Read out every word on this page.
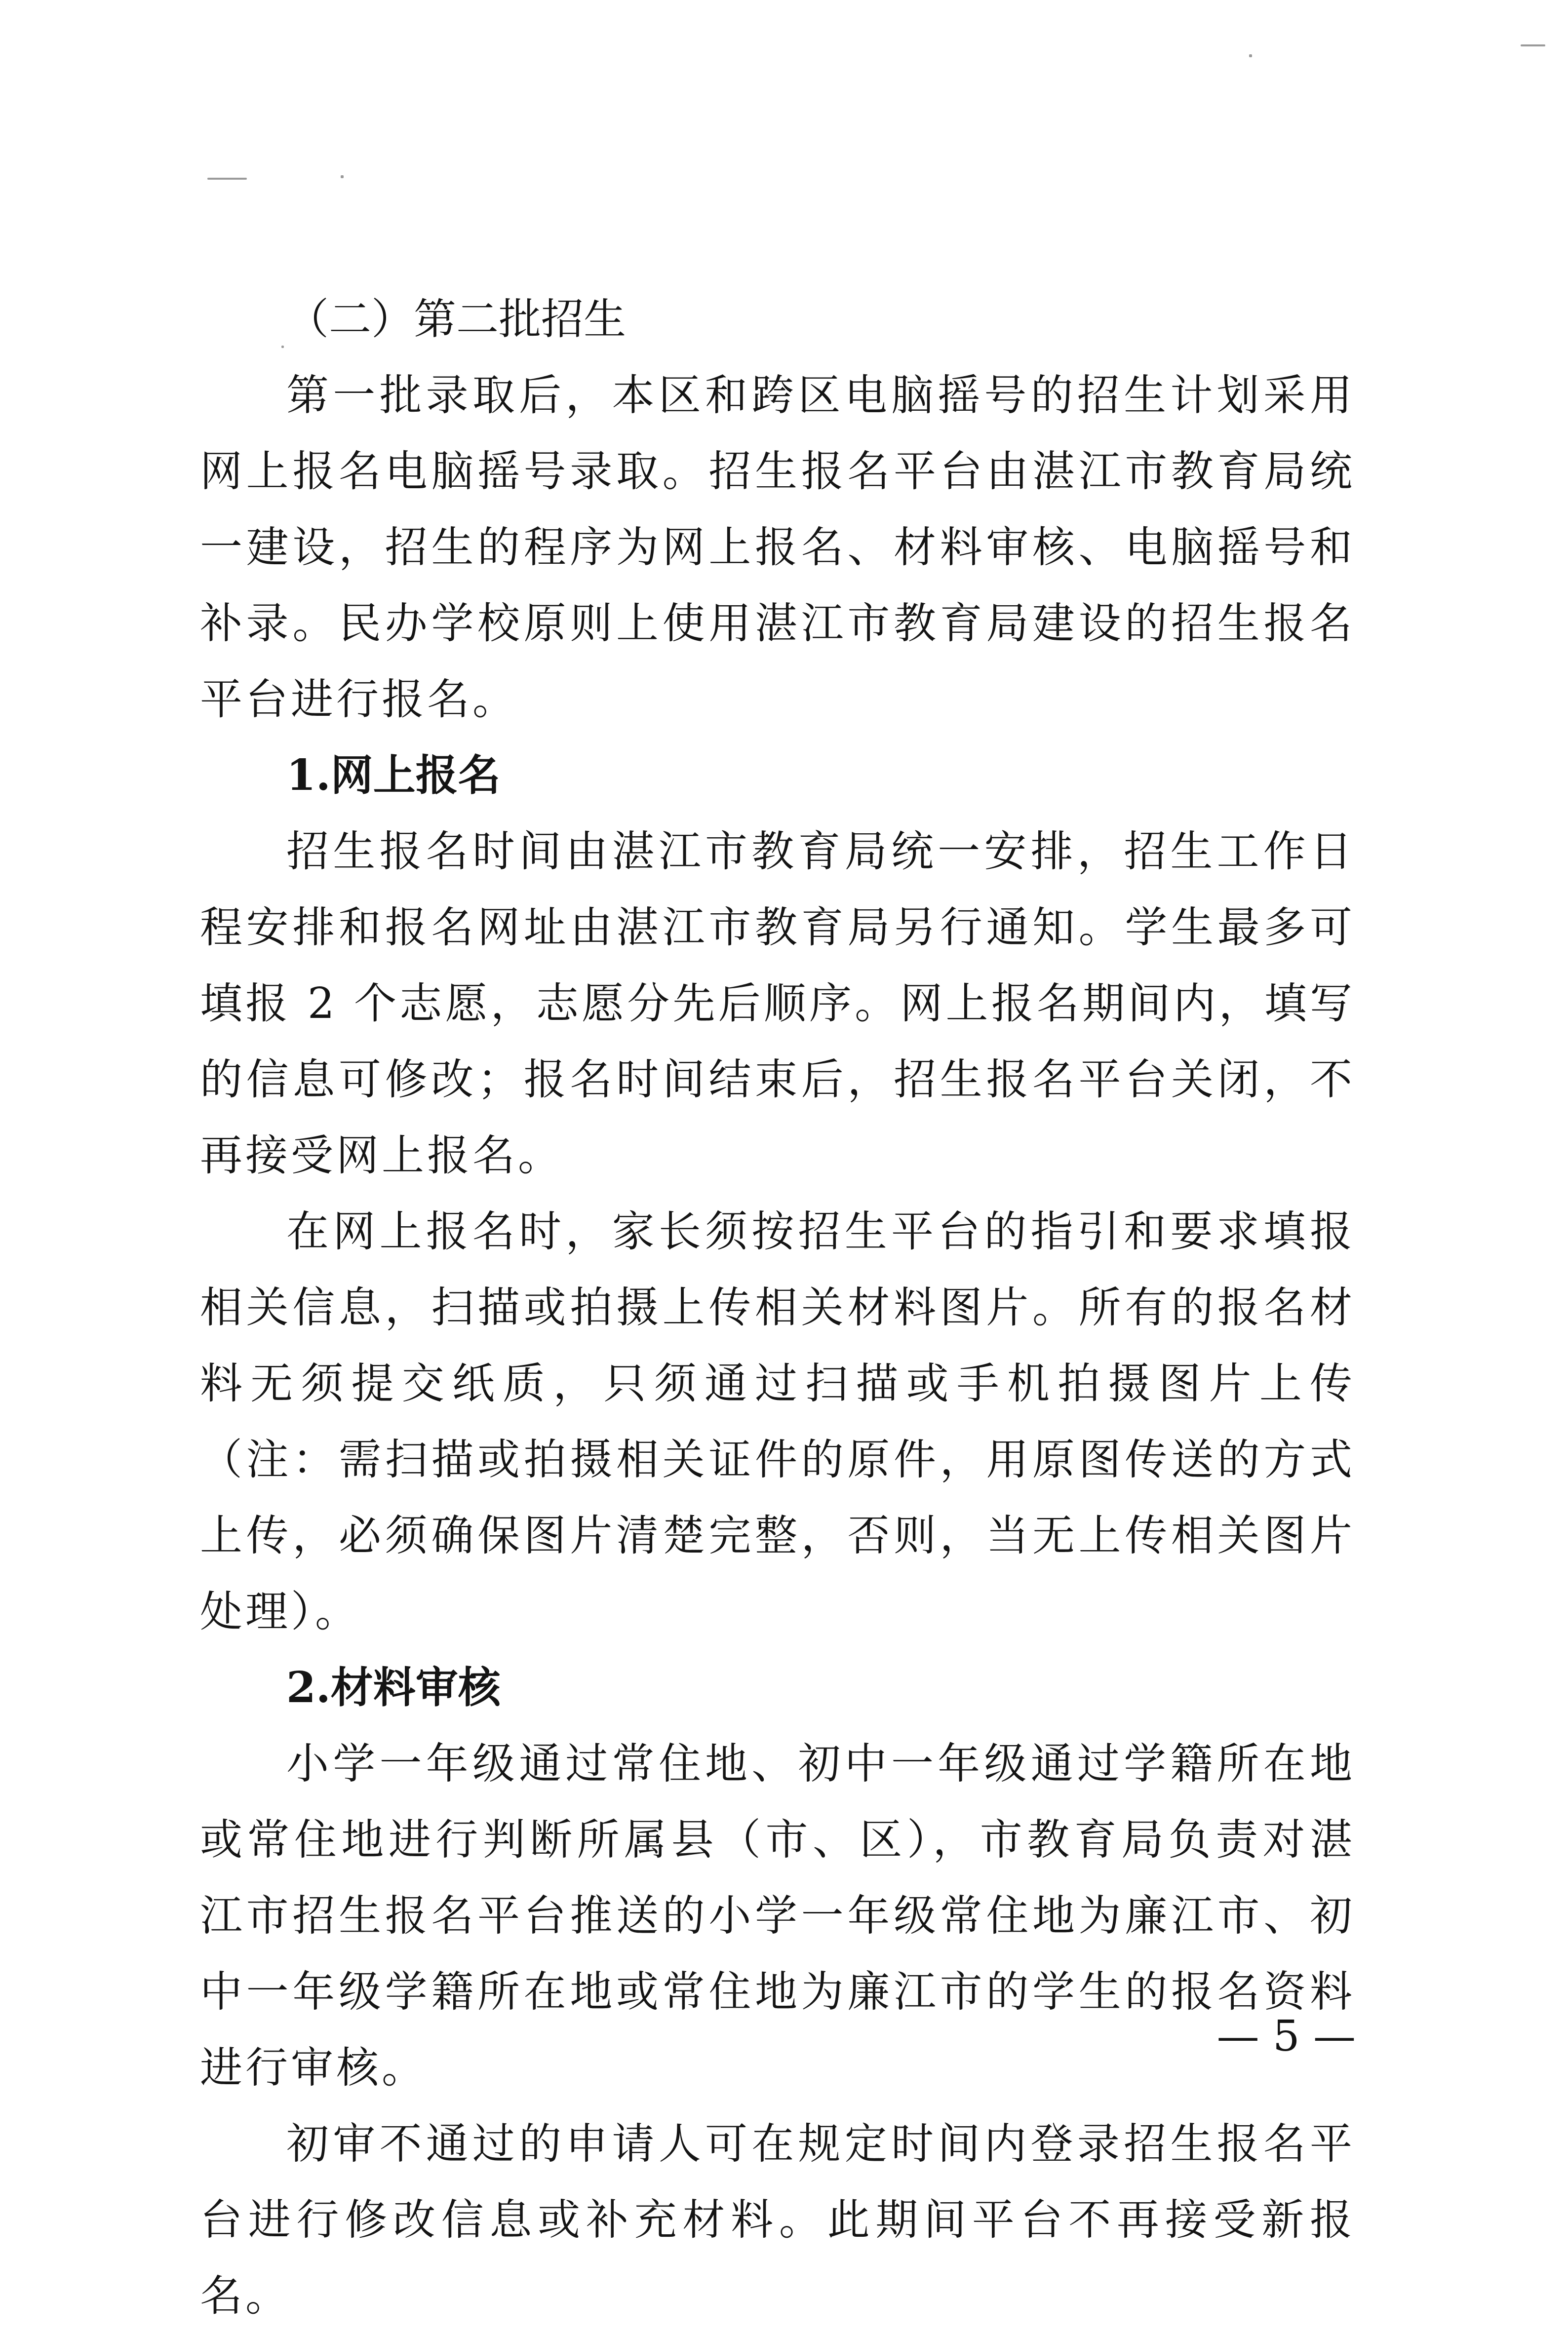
（二）第二批招生

第一批录取后，本区和跨区电脑摇号的招生计划采用网上报名电脑摇号录取。招生报名平台由湛江市教育局统一建设，招生的程序为网上报名、材料审核、电脑摇号和补录。民办学校原则上使用湛江市教育局建设的招生报名平台进行报名。

1.网上报名

招生报名时间由湛江市教育局统一安排，招生工作日程安排和报名网址由湛江市教育局另行通知。学生最多可填报 2 个志愿，志愿分先后顺序。网上报名期间内，填写的信息可修改；报名时间结束后，招生报名平台关闭，不再接受网上报名。

在网上报名时，家长须按招生平台的指引和要求填报相关信息，扫描或拍摄上传相关材料图片。所有的报名材料无须提交纸质，只须通过扫描或手机拍摄图片上传（注：需扫描或拍摄相关证件的原件，用原图传送的方式上传，必须确保图片清楚完整，否则，当无上传相关图片处理）。

2.材料审核

小学一年级通过常住地、初中一年级通过学籍所在地或常住地进行判断所属县（市、区），市教育局负责对湛江市招生报名平台推送的小学一年级常住地为廉江市、初中一年级学籍所在地或常住地为廉江市的学生的报名资料进行审核。

初审不通过的申请人可在规定时间内登录招生报名平台进行修改信息或补充材料。此期间平台不再接受新报名。

— 5 —
